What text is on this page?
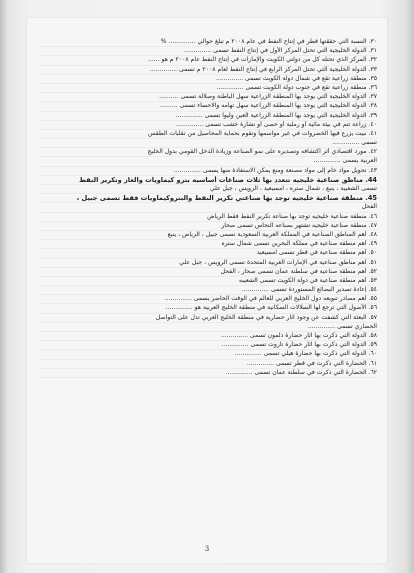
٣٠. النسبة التي حققتها قطر في إنتاج النفط في عام ٢٠٠٨ م تبلغ حوالي .............. %
٣١. الدولة الخليجية التي تحتل المركز الأول في إنتاج النفط تسمى ..............
٣٢. المركز الذي تحتله كل من دولتي الكويت والإمارات في إنتاج النفط عام ٢٠٠٨ م هو ......
٣٣. الدولة الخليجية التي تحتل المركز الرابع في إنتاج النفط لعام ٢٠٠٨ م تسمى ..............
٣٥. منطقة زراعية تقع في شمال دولة الكويت تسمى ..............
٣٦. منطقة زراعية تقع في جنوب دولة الكويت تسمى ..............
٣٧. الدولة الخليجية التي يوجد بها المنطقة الزراعية سهل الباطنة وصلالة تسمى ..........
٣٨. الدولة الخليجية التي يوجد بها المنطقة الزراعية سهل تهامه والاحساء تسمى .........
٣٩. الدولة الخليجية التي يوجد بها المنطقة الزراعية العين وليوا تسمى ..............
٤٠. زراعة تتم في بيئة مائية أو رملية أو حصى أو نشارة خشب تسمى ..............
٤١. نبيت يزرع فيها الخضروات في غير مواسمها وتقوم بحماية المحاصيل من تقلبات الطقس
تسمى ..............
٤٢. مورد اقتصادي أثر اكتشافه وتصديره على نمو الصناعة وزيادة الدخل القومي بدول الخليج
العربية يسمى ..............
٤٣. تحويل مواد خام إلى مواد مصنعة ومنع يمكن الاستفادة منها يسمى ..............
44. مناطق صناعية خليجيه تتعدد بها ثلاث صناعات أساسيه بترو كيماويات والغاز وتكرير النفط
تسمى الشعيبة ، ينبع ، شمال ستره ، امسيعيد ، الرويس ، جبل علي
45. منطقة صناعية خليجيه توجد بها صناعتي تكرير النفط والبتروكيماويات فقط تسمى جبيل ،
الفحل
٤٦. منطقة صناعية خليجيه توجد بها صناعة تكرير النفط فقط الرياض
٤٧. منطقة صناعية خليجيه تشتهر بصناعه النحاس تسمى صحار
٤٨. أهم المناطق الصناعية في المملكة العربية السعودية تسمى جبيل ، الرياض ، ينبع
٤٩. أهم منطقة صناعية في مملكة البحرين تسمى شمال ستره
٥٠. أهم منطقة صناعية في قطر تسمى امسيعيد
٥١. أهم مناطق صناعية في الإمارات العربية المتحدة تسمى الرويس ، جبل علي
٥٢. أهم منطقة صناعية في سلطنة عمان تسمى صحار ، الفحل
٥٣. أهم منطقة صناعية في دولة الكويت تسمى الشعيبه
٥٤. إعادة تصدير البضائع المستوردة تسمى ..............
٥٥. أهم مصادر تنويعه دول الخليج العربي للعالم في الوقت الحاضر يسمى ..............
٥٦. الأصول التي ترجع لها السلالات السكانية في منطقة الخليج العربية هو ..............
٥٧. البعثة التي كشفت عن وجود آثار حضارية في منطقة الخليج العربي تدل على التواصل
الحضاري تسمى ..............
٥٨. الدولة التي ذكرت بها آثار حضارة دلمون تسمى ..............
٥٩. الدولة التي ذكرت بها آثار حضارة تاروت تسمى ..............
٦٠. الدولة التي ذكرت بها حضارة هيلي تسمى ..............
٦١. الحضارة التي ذكرت في قطر تسمى ..............
٦٢. الحضارة التي ذكرت في سلطنة عمان تسمى ..............
3
